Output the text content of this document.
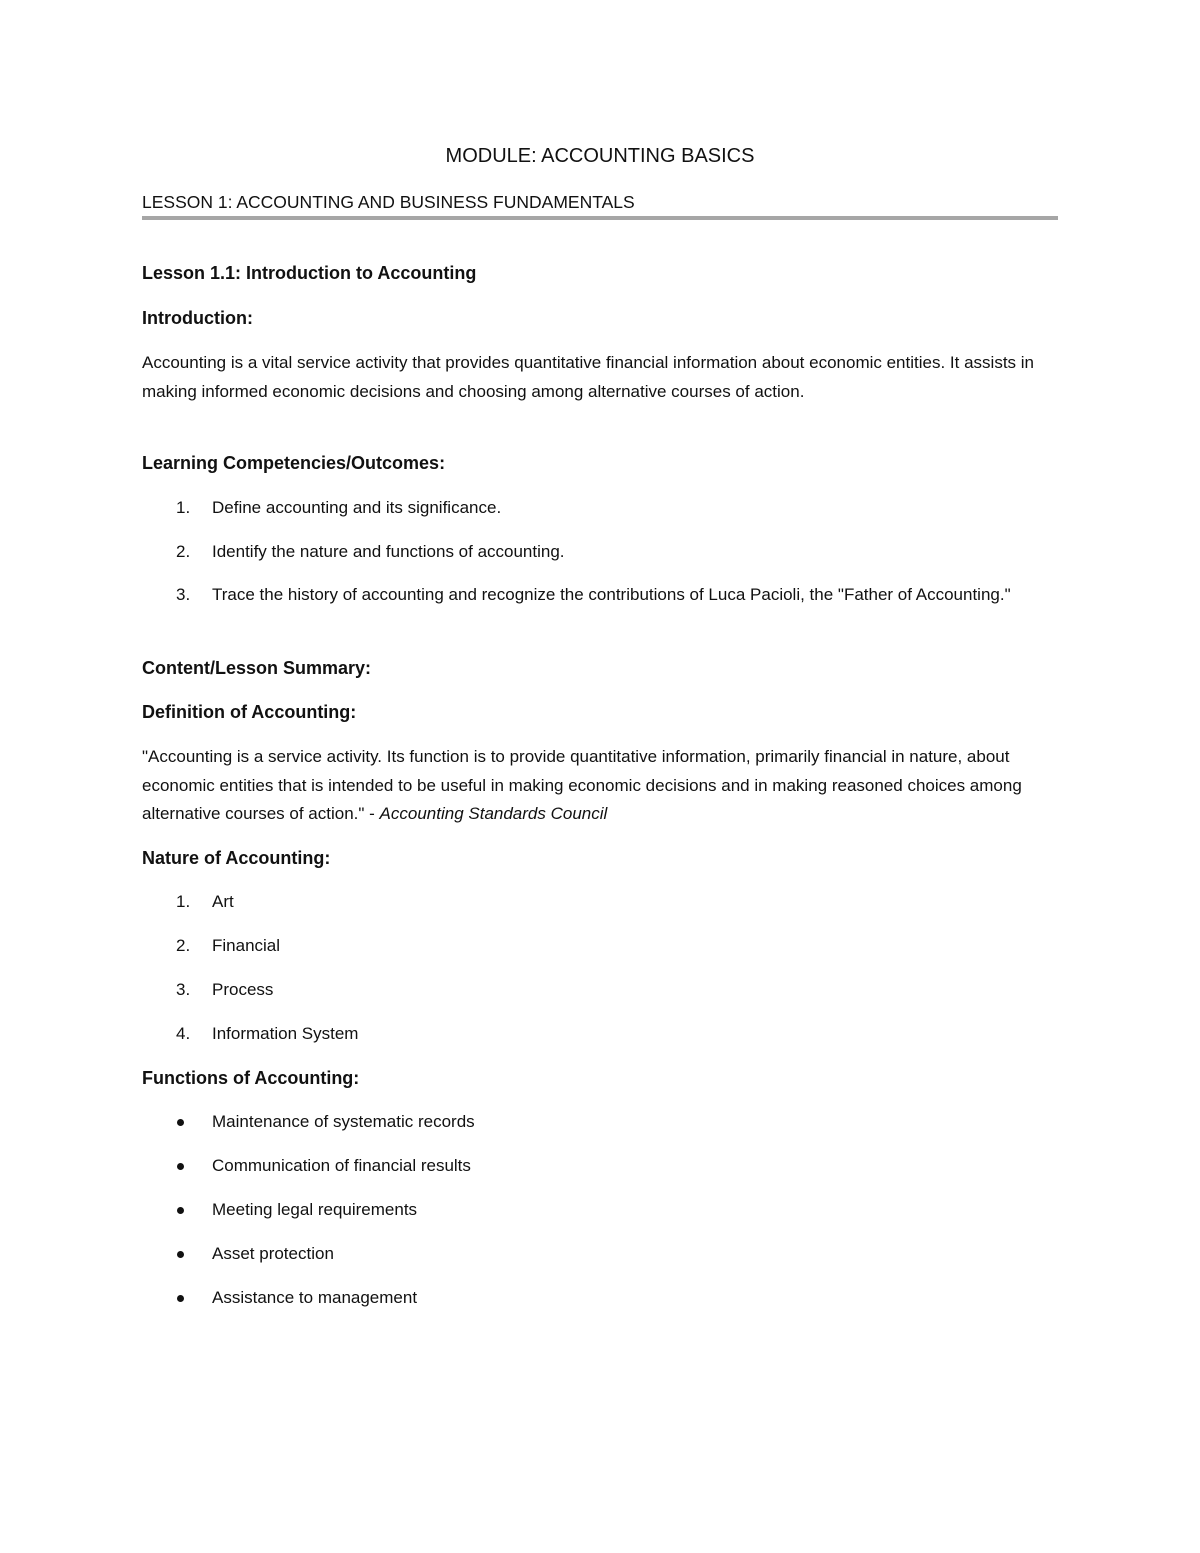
MODULE: ACCOUNTING BASICS
LESSON 1: ACCOUNTING AND BUSINESS FUNDAMENTALS
Lesson 1.1: Introduction to Accounting
Introduction:

Accounting is a vital service activity that provides quantitative financial information about economic entities. It assists in making informed economic decisions and choosing among alternative courses of action.

Learning Competencies/Outcomes:
1.	Define accounting and its significance.
2.	Identify the nature and functions of accounting.
3.	Trace the history of accounting and recognize the contributions of Luca Pacioli, the "Father of Accounting."
Content/Lesson Summary:
Definition of Accounting:

"Accounting is a service activity. Its function is to provide quantitative information, primarily financial in nature, about economic entities that is intended to be useful in making economic decisions and in making reasoned choices among alternative courses of action." - Accounting Standards Council

Nature of Accounting:
1.	Art
2.	Financial
3.	Process
4.	Information System
Functions of Accounting:
Maintenance of systematic records
Communication of financial results
Meeting legal requirements
Asset protection
Assistance to management
